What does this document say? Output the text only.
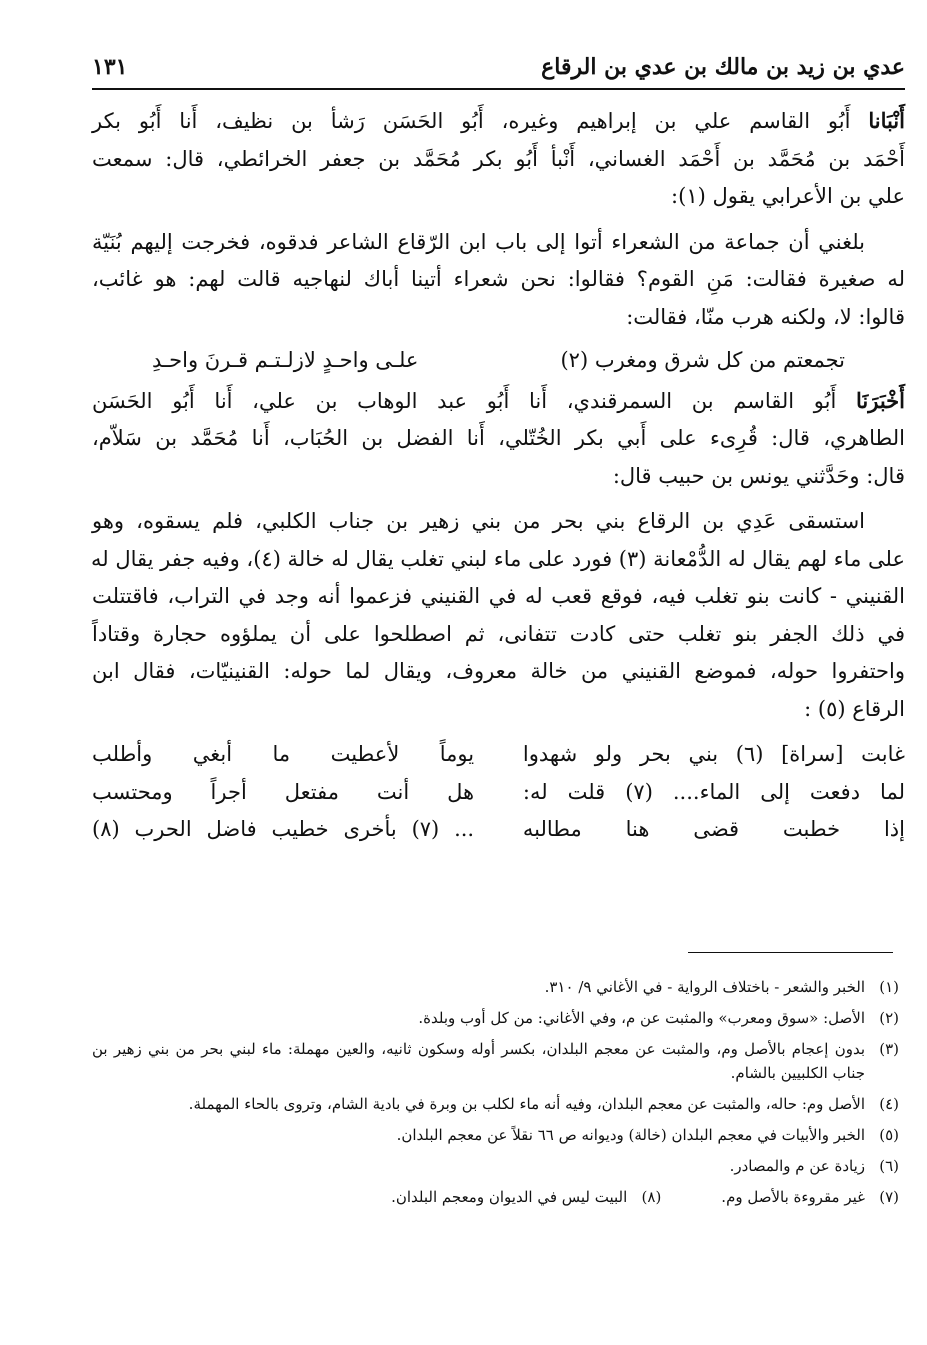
عدي بن زيد بن مالك بن عدي بن الرقاع
١٣١

أَنْبَانا أَبُو القاسم علي بن إبراهيم وغيره، أَبُو الحَسَن رَشأ بن نظيف، أَنا أَبُو بكر
أَحْمَد بن مُحَمَّد بن أَحْمَد الغساني، أَنْبأ أَبُو بكر مُحَمَّد بن جعفر الخرائطي، قال: سمعت
علي بن الأعرابي يقول (١):

بلغني أن جماعة من الشعراء أتوا إلى باب ابن الرّقاع الشاعر فدقوه، فخرجت إليهم بُنَيّة
له صغيرة فقالت: مَنِ القوم؟ فقالوا: نحن شعراء أتينا أباك لنهاجيه قالت لهم: هو غائب،
قالوا: لا، ولكنه هرب منّا، فقالت:

تجمعتم من كل شرق ومغرب (٢)
علـى واحـدٍ لازلـتـم قـرنَ واحـدِ

أَخْبَرَنَا أَبُو القاسم بن السمرقندي، أَنا أَبُو عبد الوهاب بن علي، أَنا أَبُو الحَسَن
الطاهري، قال: قُرِىء على أَبي بكر الخُتّلي، أَنا الفضل بن الحُبَاب، أَنا مُحَمَّد بن سَلاّم،
قال: وحَدَّثني يونس بن حبيب قال:

استسقى عَدِي بن الرقاع بني بحر من بني زهير بن جناب الكلبي، فلم يسقوه، وهو
على ماء لهم يقال له الدُّمْعانة (٣) فورد على ماء لبني تغلب يقال له خالة (٤)، وفيه جفر يقال له
القنيني - كانت بنو تغلب فيه، فوقع قعب له في القنيني فزعموا أنه وجد في التراب، فاقتتلت
في ذلك الجفر بنو تغلب حتى كادت تتفانى، ثم اصطلحوا على أن يملؤوه حجارة وقتاداً
واحتفروا حوله، فموضع القنيني من خالة معروف، ويقال لما حوله: القنينيّات، فقال ابن
الرقاع (٥) :

غابت [سراة] (٦) بني بحر ولو شهدوا
يوماً لأعطيت ما أبغي وأطلب
لما دفعت إلى الماء.... (٧) قلت له:
هل أنت مفتعل أجراً ومحتسب
إذا خطبت قضى هنا مطالبه
... (٧) بأخرى خطيب فاضل الحرب (٨)
(١)
الخبر والشعر - باختلاف الرواية - في الأغاني ٩/ ٣١٠.
(٢)
الأصل: «سوق ومعرب» والمثبت عن م، وفي الأغاني: من كل أوب وبلدة.
(٣)
بدون إعجام بالأصل وم، والمثبت عن معجم البلدان، بكسر أوله وسكون ثانيه، والعين مهملة: ماء لبني بحر من بني زهير بن جناب الكلبيين بالشام.
(٤)
الأصل وم: حاله، والمثبت عن معجم البلدان، وفيه أنه ماء لكلب بن وبرة في بادية الشام، وتروى بالحاء المهملة.
(٥)
الخبر والأبيات في معجم البلدان (خالة) وديوانه ص ٦٦ نقلاً عن معجم البلدان.
(٦)
زيادة عن م والمصادر.
(٧)
غير مقروءة بالأصل وم.
(٨)
البيت ليس في الديوان ومعجم البلدان.
